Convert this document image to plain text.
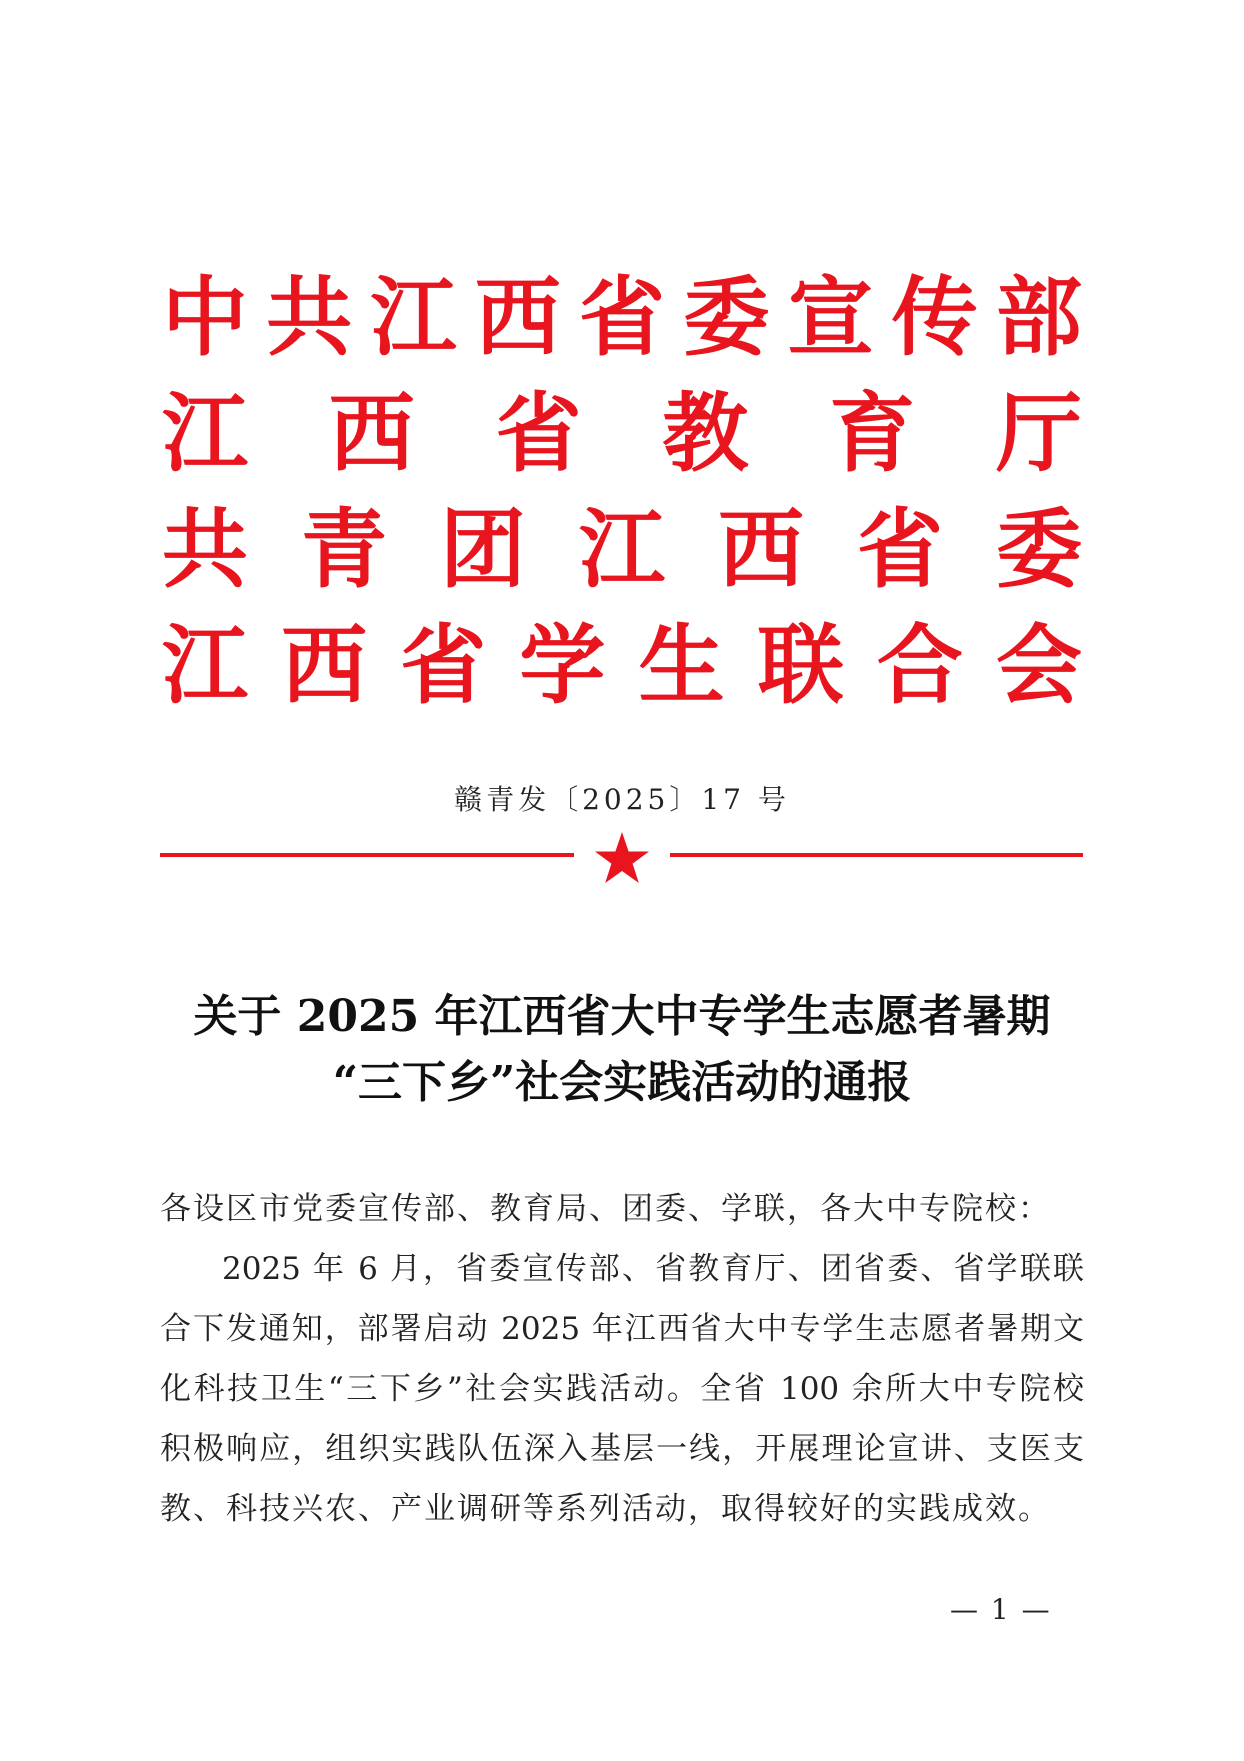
中 共 江 西 省 委 宣 传 部
江 西 省 教 育 厅
共 青 团 江 西 省 委
江 西 省 学 生 联 合 会
赣青发〔2025〕17 号
关于 2025 年江西省大中专学生志愿者暑期
“三下乡”社会实践活动的通报
各设区市党委宣传部、教育局、团委、学联，各大中专院校：
2025 年 6 月，省委宣传部、省教育厅、团省委、省学联联
合下发通知，部署启动 2025 年江西省大中专学生志愿者暑期文
化科技卫生“三下乡”社会实践活动。全省 100 余所大中专院校
积极响应，组织实践队伍深入基层一线，开展理论宣讲、支医支
教、科技兴农、产业调研等系列活动，取得较好的实践成效。
— 1 —
